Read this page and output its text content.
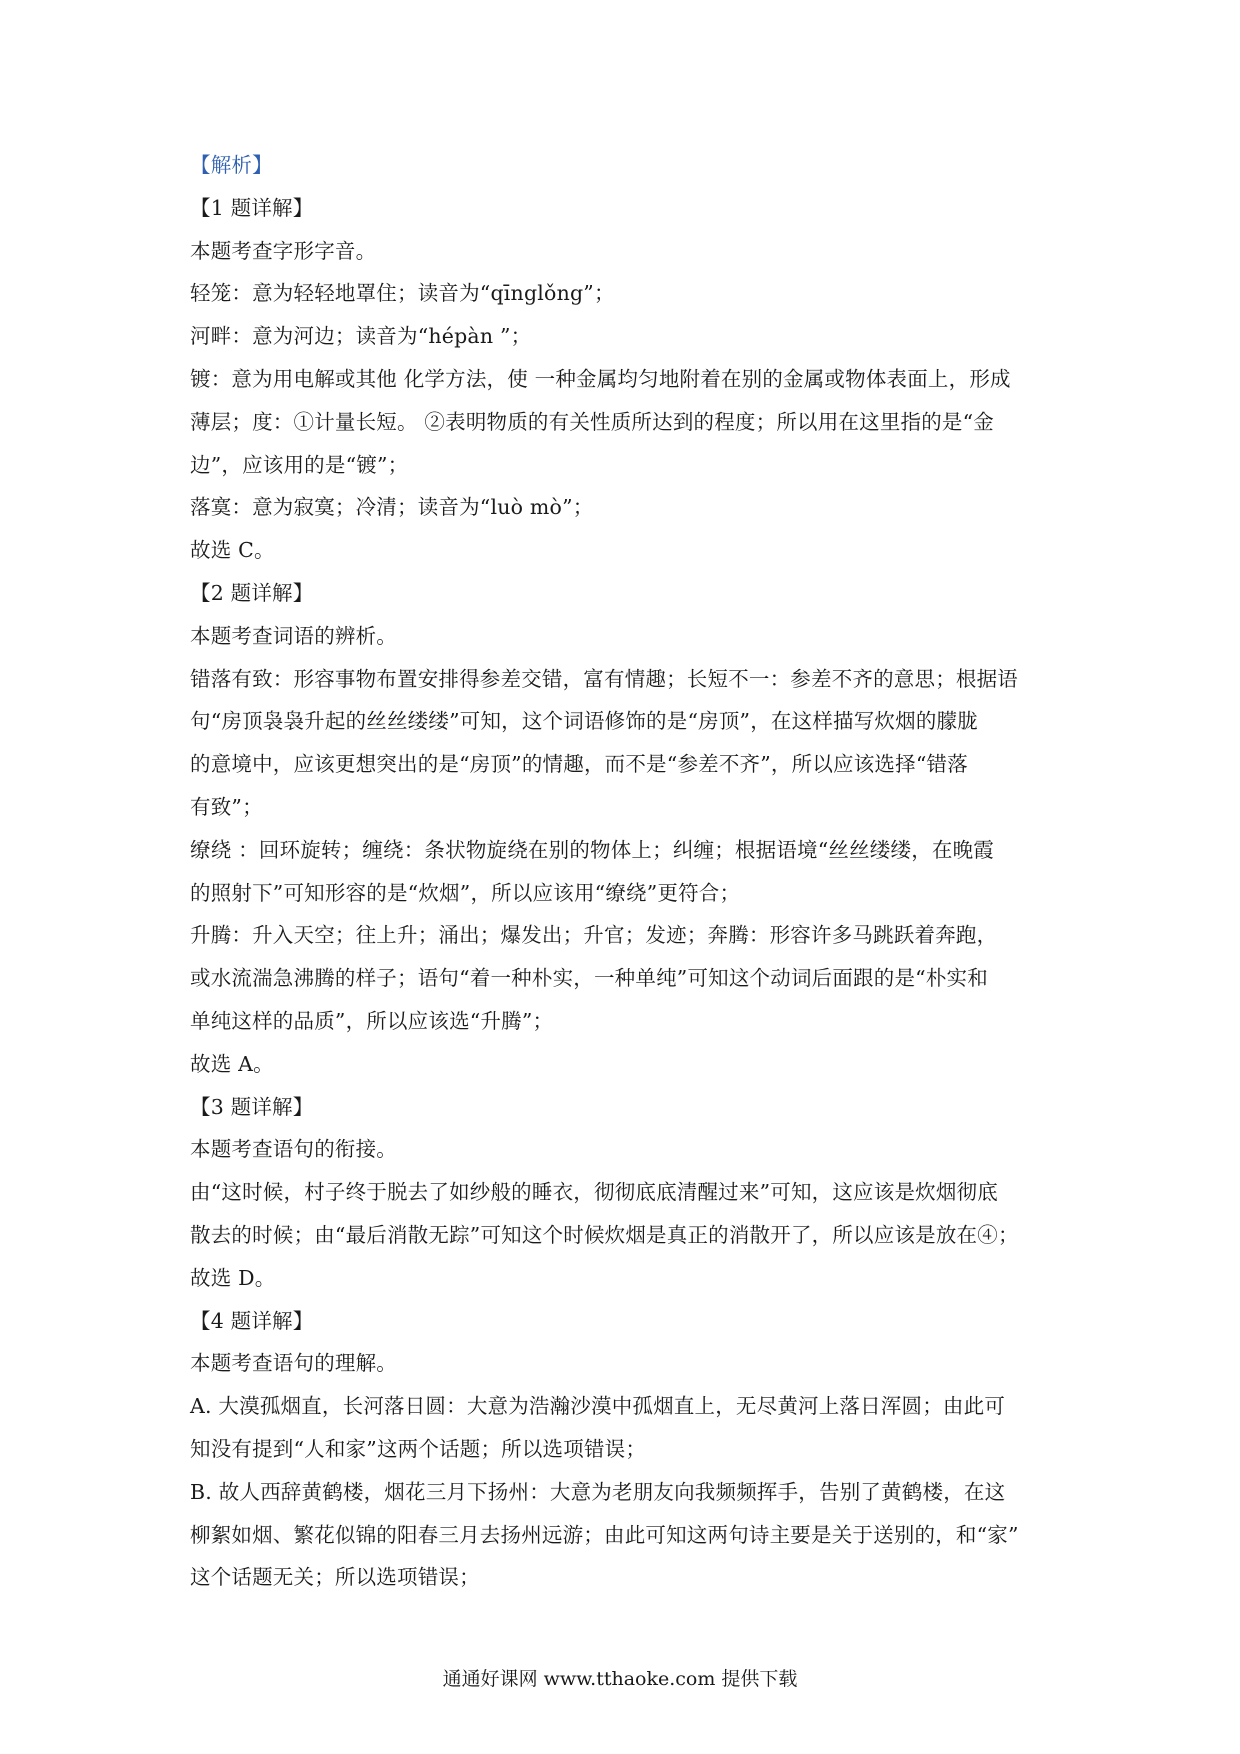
【解析】
【1 题详解】
本题考查字形字音。
轻笼：意为轻轻地罩住；读音为“qīnglǒng”；
河畔：意为河边；读音为“hépàn ”；
镀：意为用电解或其他 化学方法，使 一种金属均匀地附着在别的金属或物体表面上，形成
薄层；度：①计量长短。 ②表明物质的有关性质所达到的程度；所以用在这里指的是“金
边”，应该用的是“镀”；
落寞：意为寂寞；冷清；读音为“luò mò”；
故选 C。
【2 题详解】
本题考查词语的辨析。
错落有致：形容事物布置安排得参差交错，富有情趣；长短不一：参差不齐的意思；根据语
句“房顶袅袅升起的丝丝缕缕”可知，这个词语修饰的是“房顶”，在这样描写炊烟的朦胧
的意境中，应该更想突出的是“房顶”的情趣，而不是“参差不齐”，所以应该选择“错落
有致”；
缭绕 ：回环旋转；缠绕：条状物旋绕在别的物体上；纠缠；根据语境“丝丝缕缕，在晚霞
的照射下”可知形容的是“炊烟”，所以应该用“缭绕”更符合；
升腾：升入天空；往上升；涌出；爆发出；升官；发迹；奔腾：形容许多马跳跃着奔跑，
或水流湍急沸腾的样子；语句“着一种朴实，一种单纯”可知这个动词后面跟的是“朴实和
单纯这样的品质”，所以应该选“升腾”；
故选 A。
【3 题详解】
本题考查语句的衔接。
由“这时候，村子终于脱去了如纱般的睡衣，彻彻底底清醒过来”可知，这应该是炊烟彻底
散去的时候；由“最后消散无踪”可知这个时候炊烟是真正的消散开了，所以应该是放在④；
故选 D。
【4 题详解】
本题考查语句的理解。
A. 大漠孤烟直，长河落日圆：大意为浩瀚沙漠中孤烟直上，无尽黄河上落日浑圆；由此可
知没有提到“人和家”这两个话题；所以选项错误；
B. 故人西辞黄鹤楼，烟花三月下扬州：大意为老朋友向我频频挥手，告别了黄鹤楼，在这
柳絮如烟、繁花似锦的阳春三月去扬州远游；由此可知这两句诗主要是关于送别的，和“家”
这个话题无关；所以选项错误；
通通好课网 www.tthaoke.com 提供下载
